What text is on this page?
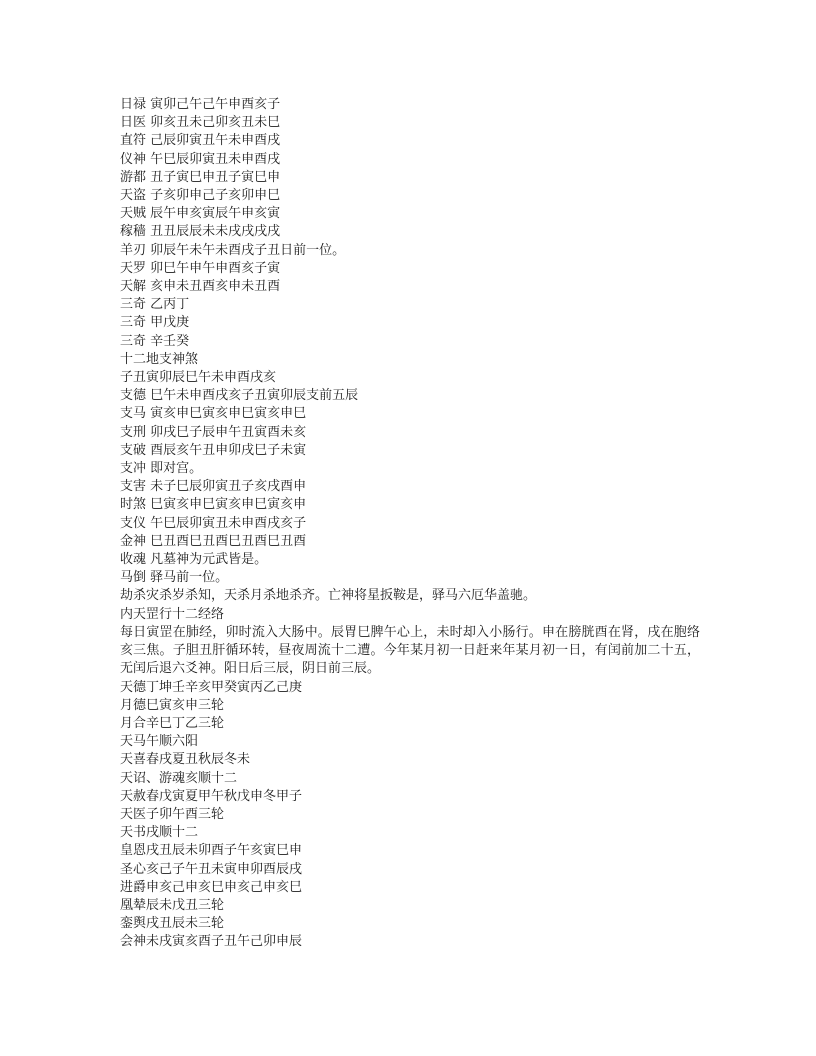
日禄 寅卯己午己午申酉亥子

日医 卯亥丑未己卯亥丑未巳

直符 己辰卯寅丑午未申酉戌

仪神 午巳辰卯寅丑未申酉戌

游都 丑子寅巳申丑子寅巳申

天盗 子亥卯申己子亥卯申巳

天贼 辰午申亥寅辰午申亥寅

稼穑 丑丑辰辰未未戌戌戌戌

羊刃 卯辰午未午未酉戌子丑日前一位。

天罗 卯巳午申午申酉亥子寅

天解 亥申未丑酉亥申未丑酉

三奇 乙丙丁

三奇 甲戊庚

三奇 辛壬癸

十二地支神煞

子丑寅卯辰巳午未申酉戌亥

支德 巳午未申酉戌亥子丑寅卯辰支前五辰

支马 寅亥申巳寅亥申巳寅亥申巳

支刑 卯戌巳子辰申午丑寅酉未亥

支破 酉辰亥午丑申卯戌巳子未寅

支冲 即对宫。

支害 未子巳辰卯寅丑子亥戌酉申

时煞 巳寅亥申巳寅亥申巳寅亥申

支仪 午巳辰卯寅丑未申酉戌亥子

金神 巳丑酉巳丑酉巳丑酉巳丑酉

收魂 凡墓神为元武皆是。

马倒 驿马前一位。

劫杀灾杀岁杀知，天杀月杀地杀齐。亡神将星扳鞍是，驿马六厄华盖驰。

内天罡行十二经络

每日寅罡在肺经，卯时流入大肠中。辰胃巳脾午心上，未时却入小肠行。申在膀胱酉在肾，戌在胞络亥三焦。子胆丑肝循环转，昼夜周流十二遭。今年某月初一日赶来年某月初一日，有闰前加二十五，无闰后退六爻神。阳日后三辰，阴日前三辰。

天德丁坤壬辛亥甲癸寅丙乙己庚

月德巳寅亥申三轮

月合辛巳丁乙三轮

天马午顺六阳

天喜春戌夏丑秋辰冬未

天诏、游魂亥顺十二

天赦春戊寅夏甲午秋戊申冬甲子

天医子卯午酉三轮

天书戌顺十二

皇恩戌丑辰未卯酉子午亥寅巳申

圣心亥己子午丑未寅申卯酉辰戌

进爵申亥己申亥巳申亥己申亥巳

凰辇辰未戊丑三轮

銮舆戌丑辰未三轮

会神未戌寅亥酉子丑午己卯申辰
